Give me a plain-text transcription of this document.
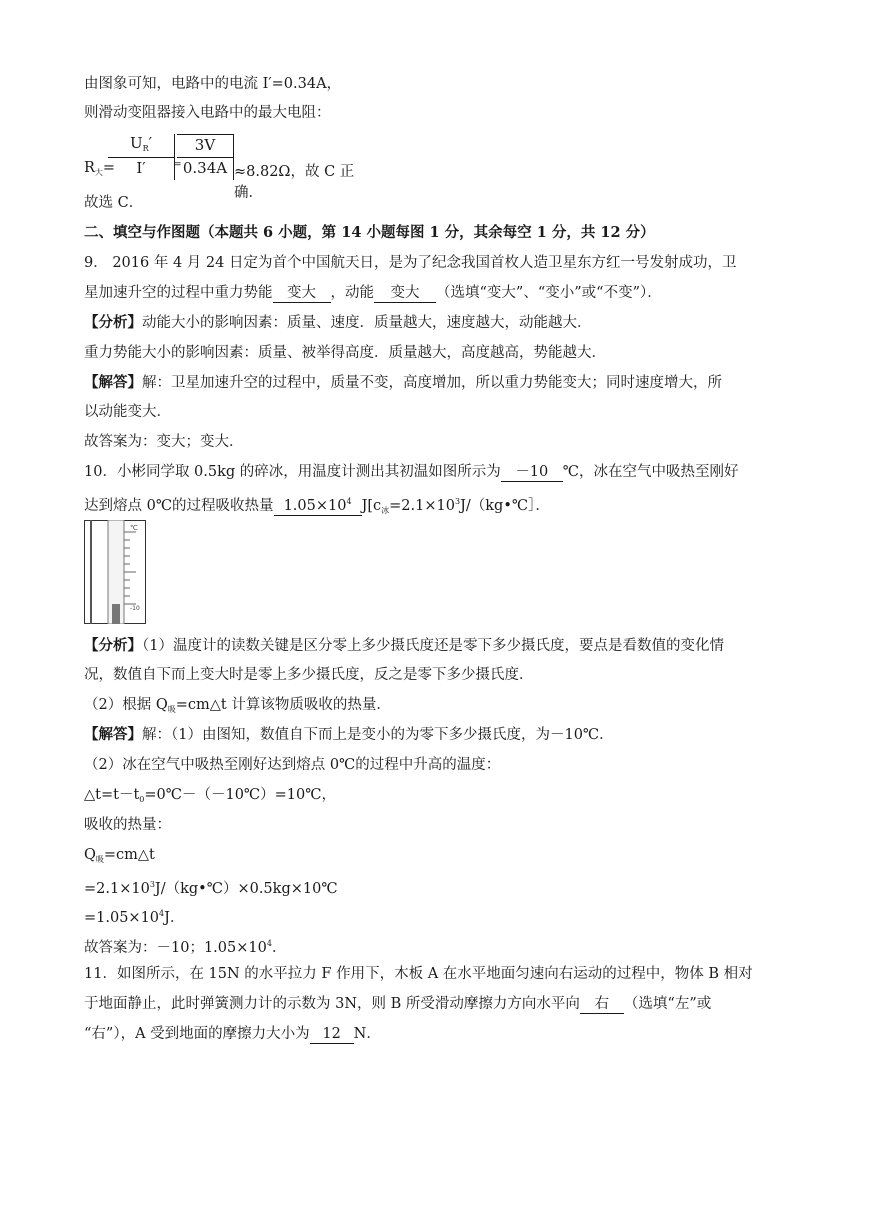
由图象可知，电路中的电流 I′=0.34A，
则滑动变阻器接入电路中的最大电阻：
$R_大=$
$U_R'$
I′	=
3V
0.34A ≈8.82Ω，故 C 正确．
故选 C．
二、填空与作图题（本题共 6 小题，第 14 小题每图 1 分，其余每空 1 分，共 12 分）
9． 2016 年 4 月 24 日定为首个中国航天日，是为了纪念我国首枚人造卫星东方红一号发射成功，卫
星加速升空的过程中重力势能 变大 ，动能 变大 （选填“变大”、“变小”或“不变”）．
【分析】动能大小的影响因素：质量、速度．质量越大，速度越大，动能越大．
重力势能大小的影响因素：质量、被举得高度．质量越大，高度越高，势能越大．
【解答】解：卫星加速升空的过程中，质量不变，高度增加，所以重力势能变大；同时速度增大，所
以动能变大．
故答案为：变大；变大．
10．小彬同学取 0.5kg 的碎冰，用温度计测出其初温如图所示为 －10 ℃，冰在空气中吸热至刚好
达到熔点 0℃的过程吸收热量 $1.05\times 10^4$ $J[c_冰=2.1\times 10^3J/(kg•℃]$．
℃
-10
【分析】（1）温度计的读数关键是区分零上多少摄氏度还是零下多少摄氏度，要点是看数值的变化情
况，数值自下而上变大时是零上多少摄氏度，反之是零下多少摄氏度．
（2）根据 $Q_吸=cm\triangle t$ 计算该物质吸收的热量．
【解答】解：（1）由图知，数值自下而上是变小的为零下多少摄氏度，为－10℃．
（2）冰在空气中吸热至刚好达到熔点 0℃的过程中升高的温度：
$\triangle t=t-t_0=0℃-(-10℃)=10℃$，
吸收的热量：
$Q_吸=cm\triangle t$
$=2.1\times 10^3J/(kg•℃)\times 0.5kg\times 10℃$
$=1.05\times 10^4J$．
故答案为：－10；$1.05\times 10^4$．
11．如图所示，在 15N 的水平拉力 F 作用下，木板 A 在水平地面匀速向右运动的过程中，物体 B 相对
于地面静止，此时弹簧测力计的示数为 3N，则 B 所受滑动摩擦力方向水平向 右 （选填“左”或
“右”），A 受到地面的摩擦力大小为 12 N．
